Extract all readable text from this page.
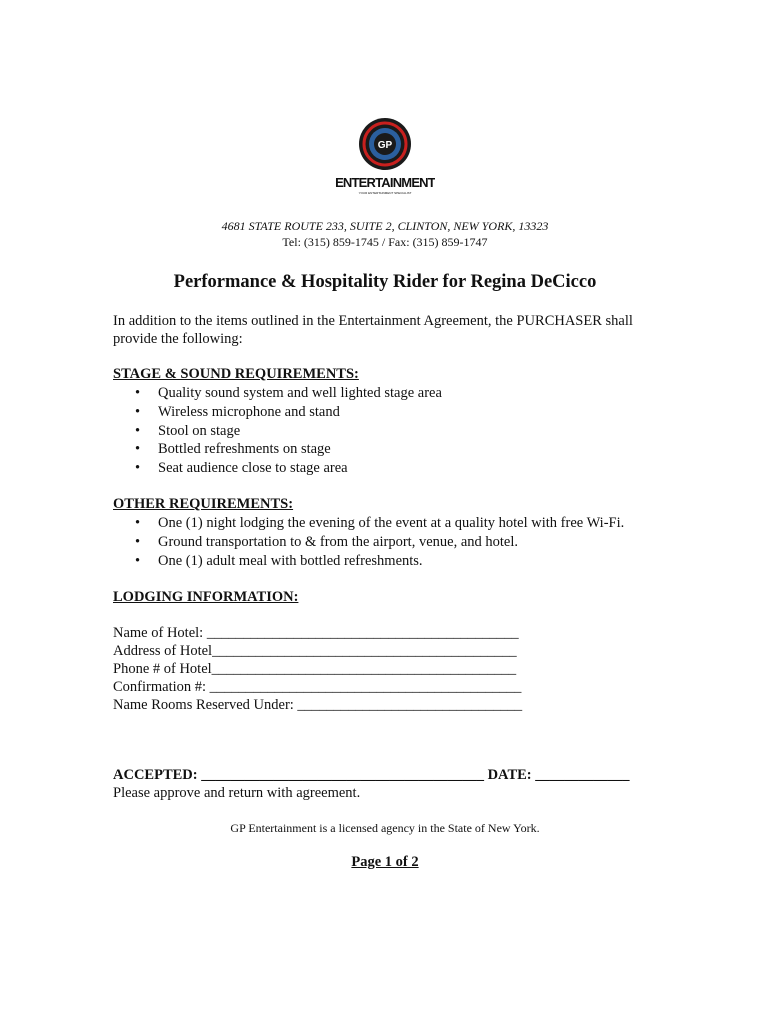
GP
ENTERTAINMENT
YOUR ENTERTAINMENT SPECIALIST
4681 STATE ROUTE 233, SUITE 2, CLINTON, NEW YORK, 13323
Tel: (315) 859-1745 / Fax: (315) 859-1747
Performance & Hospitality Rider for Regina DeCicco
In addition to the items outlined in the Entertainment Agreement, the PURCHASER shall provide the following:
STAGE & SOUND REQUIREMENTS:
• Quality sound system and well lighted stage area
• Wireless microphone and stand
• Stool on stage
• Bottled refreshments on stage
• Seat audience close to stage area
OTHER REQUIREMENTS:
• One (1) night lodging the evening of the event at a quality hotel with free Wi-Fi.
• Ground transportation to & from the airport, venue, and hotel.
• One (1) adult meal with bottled refreshments.
LODGING INFORMATION:
Name of Hotel: ___________________________________________
Address of Hotel__________________________________________
Phone # of Hotel__________________________________________
Confirmation #: ___________________________________________
Name Rooms Reserved Under: _______________________________
ACCEPTED: _______________________________________ DATE: _____________
Please approve and return with agreement.
GP Entertainment is a licensed agency in the State of New York.
Page 1 of 2
